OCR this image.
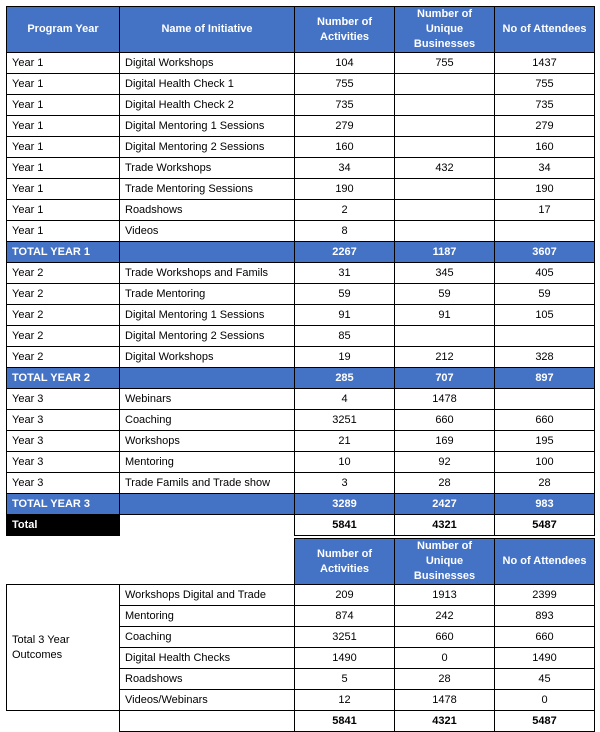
Program Year	Name of Initiative	Number of Activities	Number of Unique Businesses	No of Attendees
Year 1	Digital Workshops	104	755	1437
Year 1	Digital Health Check 1	755		755
Year 1	Digital Health Check 2	735		735
Year 1	Digital Mentoring 1 Sessions	279		279
Year 1	Digital Mentoring 2 Sessions	160		160
Year 1	Trade Workshops	34	432	34
Year 1	Trade Mentoring Sessions	190		190
Year 1	Roadshows	2		17
Year 1	Videos	8		
TOTAL YEAR 1		2267	1187	3607
Year 2	Trade Workshops and Famils	31	345	405
Year 2	Trade Mentoring	59	59	59
Year 2	Digital Mentoring 1 Sessions	91	91	105
Year 2	Digital Mentoring 2 Sessions	85		
Year 2	Digital Workshops	19	212	328
TOTAL YEAR 2		285	707	897
Year 3	Webinars	4	1478	
Year 3	Coaching	3251	660	660
Year 3	Workshops	21	169	195
Year 3	Mentoring	10	92	100
Year 3	Trade Famils and Trade show	3	28	28
TOTAL YEAR 3		3289	2427	983
Total		5841	4321	5487
		Number of Activities	Number of Unique Businesses	No of Attendees
Total 3 Year Outcomes	Workshops Digital and Trade	209	1913	2399
	Mentoring	874	242	893
	Coaching	3251	660	660
	Digital Health Checks	1490	0	1490
	Roadshows	5	28	45
	Videos/Webinars	12	1478	0
		5841	4321	5487
